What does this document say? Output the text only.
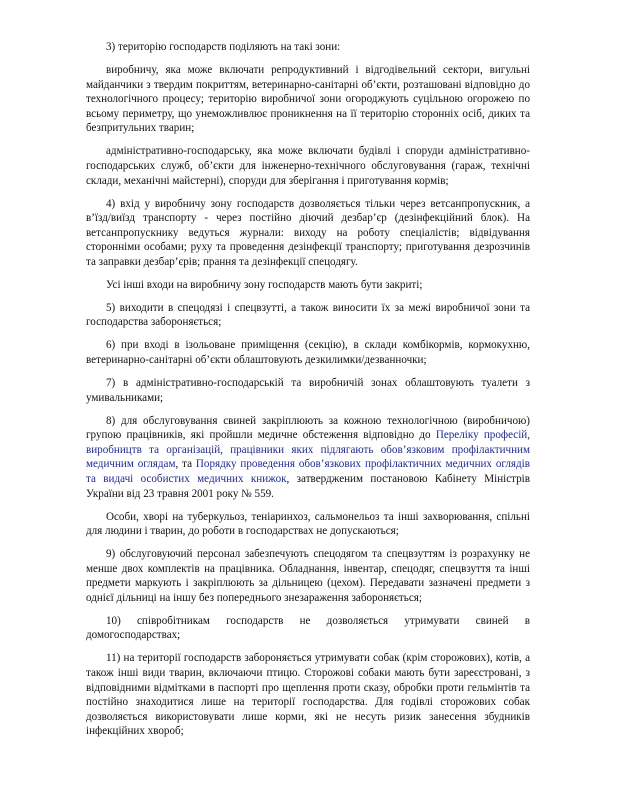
3) територію господарств поділяють на такі зони:

виробничу, яка може включати репродуктивний і відгодівельний сектори, вигульні майданчики з твердим покриттям, ветеринарно-санітарні об’єкти, розташовані відповідно до технологічного процесу; територію виробничої зони огороджують суцільною огорожею по всьому периметру, що унеможливлює проникнення на її територію сторонніх осіб, диких та безпритульних тварин;

адміністративно-господарську, яка може включати будівлі і споруди адміністративно-господарських служб, об’єкти для інженерно-технічного обслуговування (гараж, технічні склади, механічні майстерні), споруди для зберігання і приготування кормів;

4) вхід у виробничу зону господарств дозволяється тільки через ветсанпропускник, а в’їзд/виїзд транспорту - через постійно діючий дезбар’єр (дезінфекційний блок). На ветсанпропускнику ведуться журнали: виходу на роботу спеціалістів; відвідування сторонніми особами; руху та проведення дезінфекції транспорту; приготування дезрозчинів та заправки дезбар’єрів; прання та дезінфекції спецодягу.

Усі інші входи на виробничу зону господарств мають бути закриті;

5) виходити в спецодязі і спецвзутті, а також виносити їх за межі виробничої зони та господарства забороняється;

6) при вході в ізольоване приміщення (секцію), в склади комбікормів, кормокухню, ветеринарно-санітарні об’єкти облаштовують дезкилимки/дезванночки;

7) в адміністративно-господарській та виробничій зонах облаштовують туалети з умивальниками;

8) для обслуговування свиней закріплюють за кожною технологічною (виробничою) групою працівників, які пройшли медичне обстеження відповідно до Переліку професій, виробництв та організацій, працівники яких підлягають обов’язковим профілактичним медичним оглядам, та Порядку проведення обов’язкових профілактичних медичних оглядів та видачі особистих медичних книжок, затвердженим постановою Кабінету Міністрів України від 23 травня 2001 року № 559.

Особи, хворі на туберкульоз, теніаринхоз, сальмонельоз та інші захворювання, спільні для людини і тварин, до роботи в господарствах не допускаються;

9) обслуговуючий персонал забезпечують спецодягом та спецвзуттям із розрахунку не менше двох комплектів на працівника. Обладнання, інвентар, спецодяг, спецвзуття та інші предмети маркують і закріплюють за дільницею (цехом). Передавати зазначені предмети з однієї дільниці на іншу без попереднього знезараження забороняється;

10) співробітникам господарств не дозволяється утримувати свиней в домогосподарствах;

11) на території господарств забороняється утримувати собак (крім сторожових), котів, а також інші види тварин, включаючи птицю. Сторожові собаки мають бути зареєстровані, з відповідними відмітками в паспорті про щеплення проти сказу, обробки проти гельмінтів та постійно знаходитися лише на території господарства. Для годівлі сторожових собак дозволяється використовувати лише корми, які не несуть ризик занесення збудників інфекційних хвороб;
